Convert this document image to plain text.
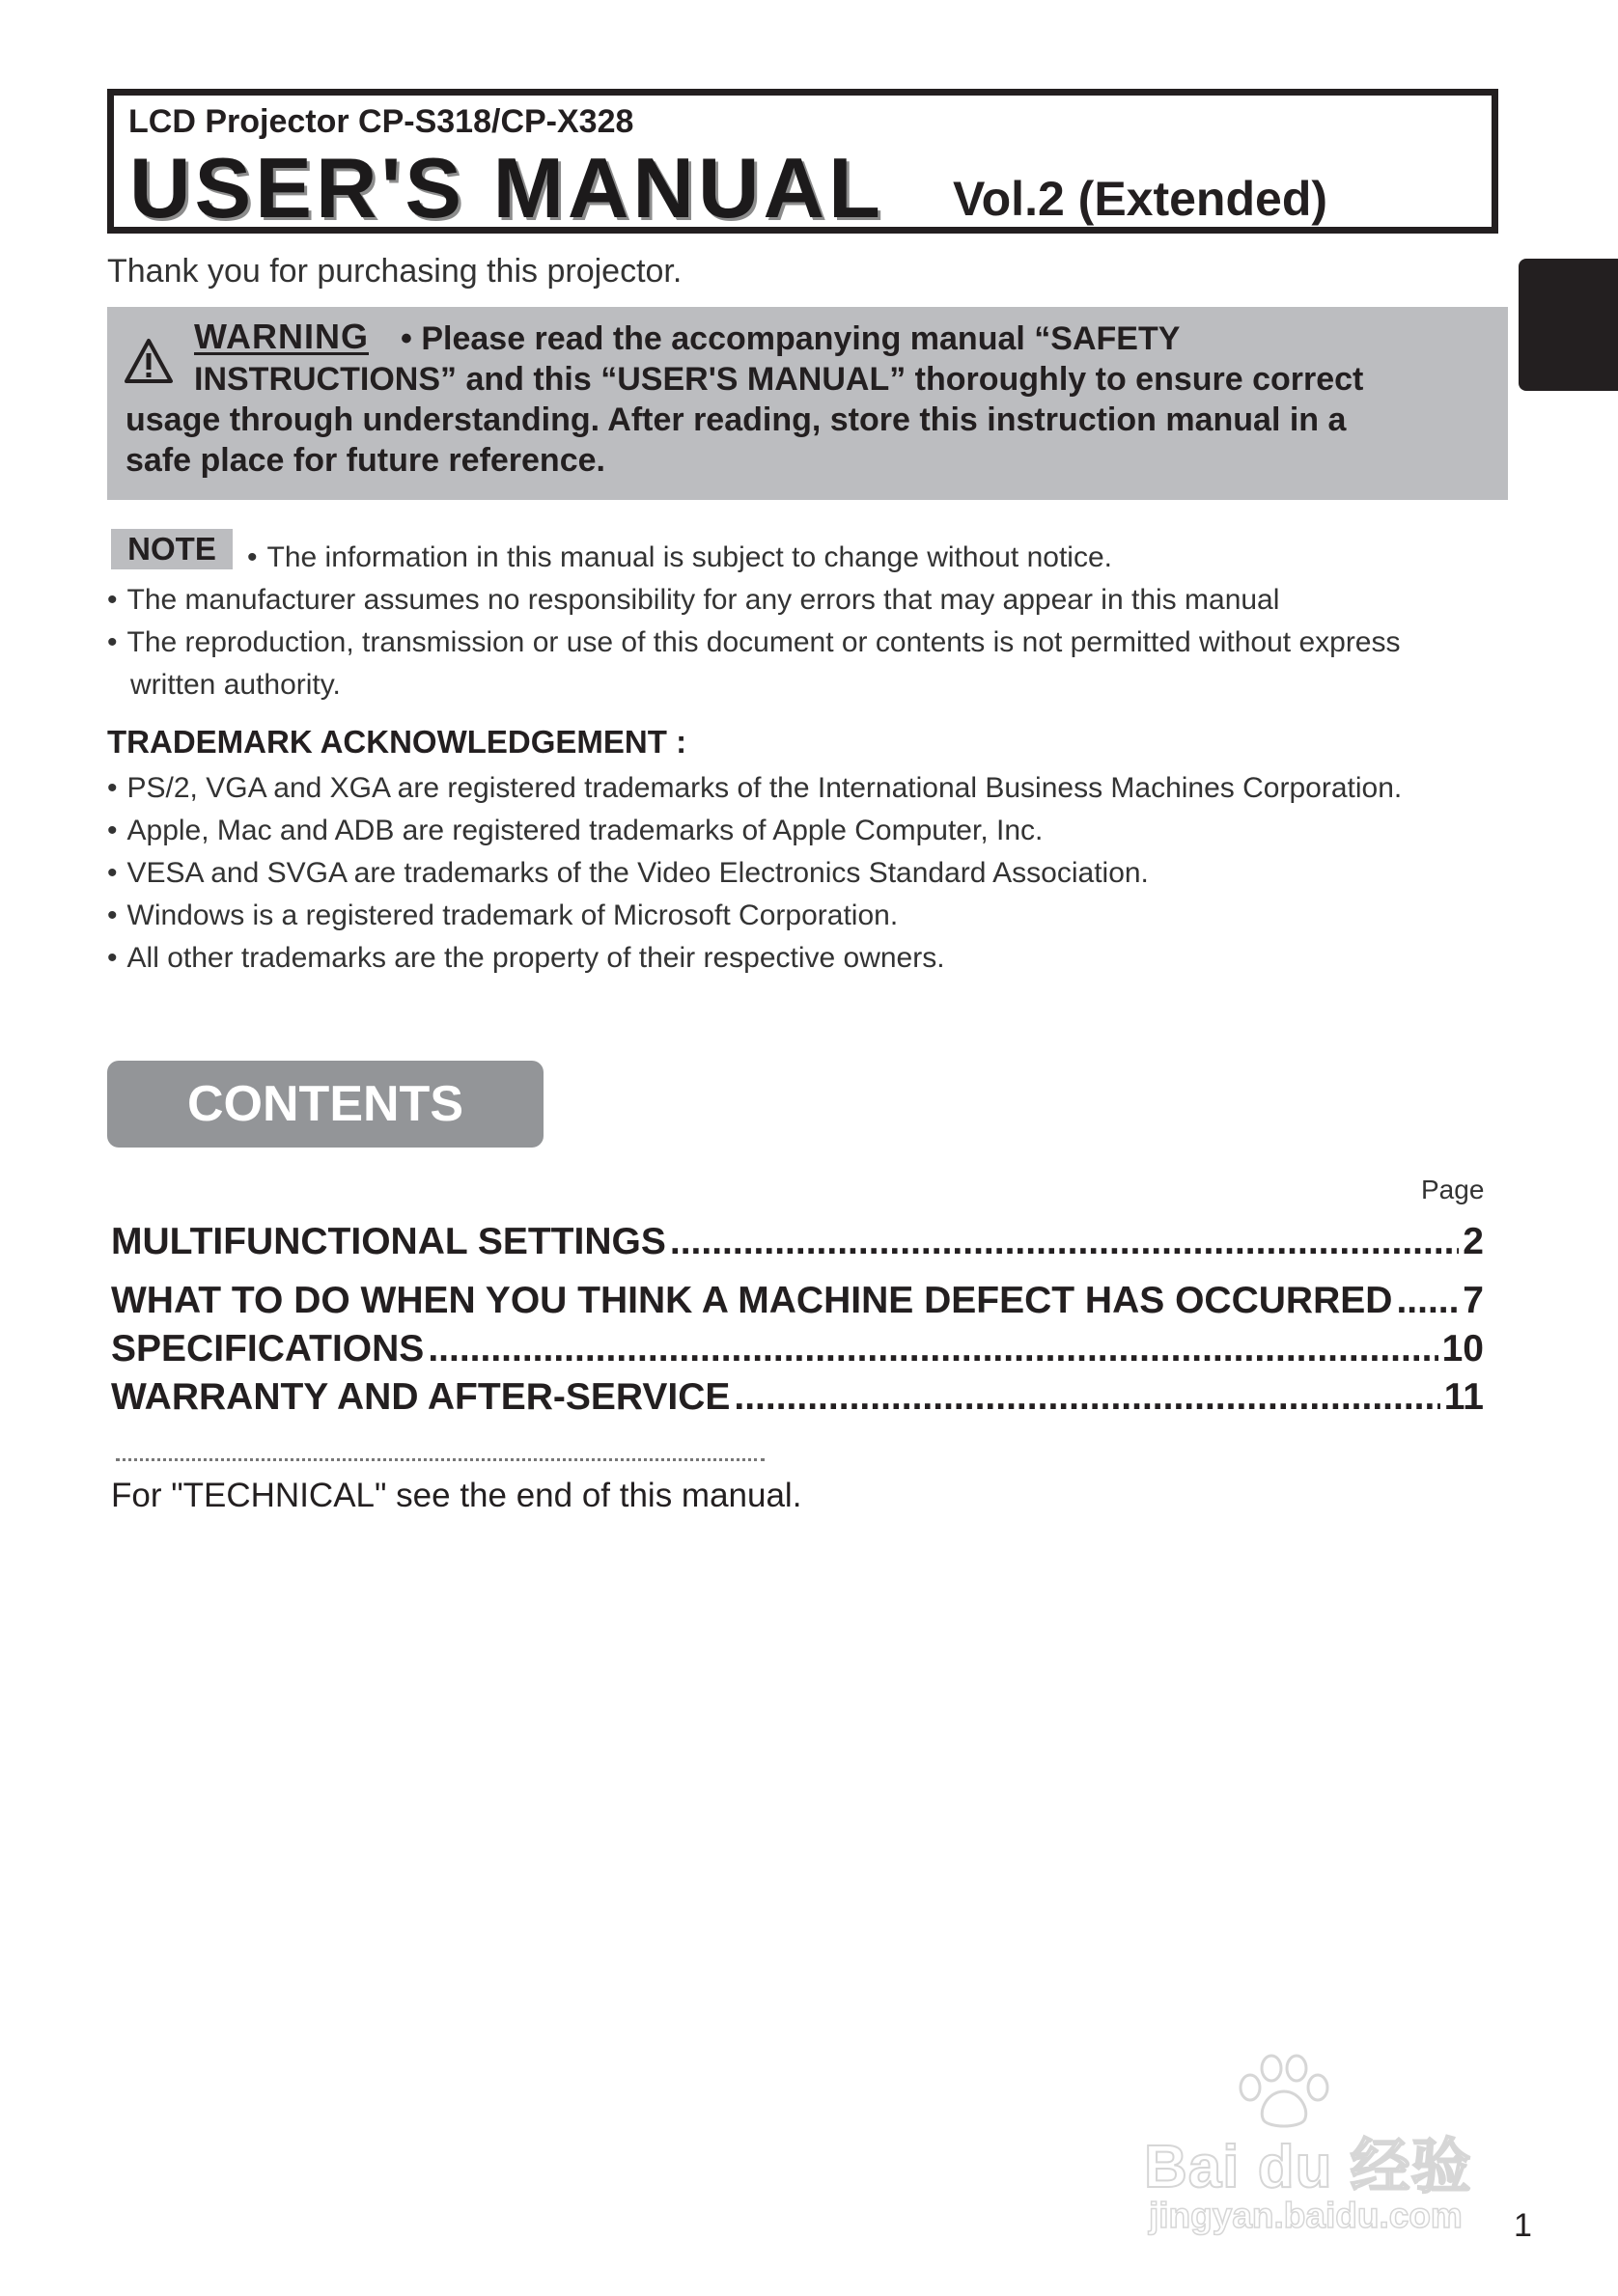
LCD Projector CP-S318/CP-X328
USER'S MANUAL Vol.2 (Extended)
Thank you for purchasing this projector.
WARNING • Please read the accompanying manual “SAFETY
INSTRUCTIONS” and this “USER'S MANUAL” thoroughly to ensure correct
usage through understanding. After reading, store this instruction manual in a
safe place for future reference.
NOTE	• The information in this manual is subject to change without notice.
• The manufacturer assumes no responsibility for any errors that may appear in this manual
• The reproduction, transmission or use of this document or contents is not permitted without express
written authority.
TRADEMARK ACKNOWLEDGEMENT :
• PS/2, VGA and XGA are registered trademarks of the International Business Machines Corporation.
• Apple, Mac and ADB are registered trademarks of Apple Computer, Inc.
• VESA and SVGA are trademarks of the Video Electronics Standard Association.
• Windows is a registered trademark of Microsoft Corporation.
• All other trademarks are the property of their respective owners.
CONTENTS
Page
MULTIFUNCTIONAL SETTINGS .....	2
WHAT TO DO WHEN YOU THINK A MACHINE DEFECT HAS OCCURRED ..... 7
SPECIFICATIONS .....	10
WARRANTY AND AFTER-SERVICE .....	11
For "TECHNICAL" see the end of this manual.
Bai du 经验
jingyan.baidu.com 1
